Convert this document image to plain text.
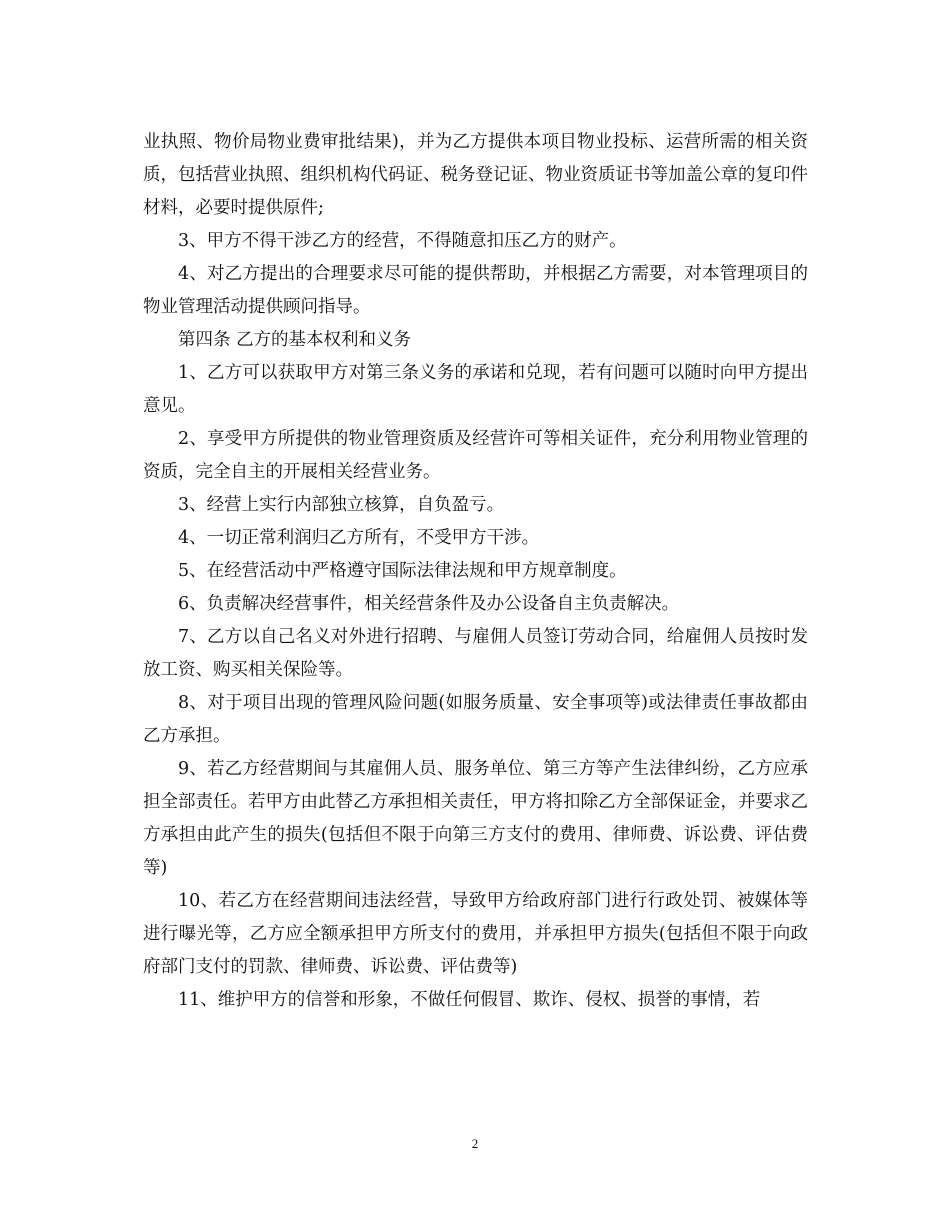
业执照、物价局物业费审批结果)，并为乙方提供本项目物业投标、运营所需的相关资质，包括营业执照、组织机构代码证、税务登记证、物业资质证书等加盖公章的复印件材料，必要时提供原件;

3、甲方不得干涉乙方的经营，不得随意扣压乙方的财产。

4、对乙方提出的合理要求尽可能的提供帮助，并根据乙方需要，对本管理项目的物业管理活动提供顾问指导。

第四条 乙方的基本权利和义务

1、乙方可以获取甲方对第三条义务的承诺和兑现，若有问题可以随时向甲方提出意见。

2、享受甲方所提供的物业管理资质及经营许可等相关证件，充分利用物业管理的资质，完全自主的开展相关经营业务。

3、经营上实行内部独立核算，自负盈亏。

4、一切正常利润归乙方所有，不受甲方干涉。

5、在经营活动中严格遵守国际法律法规和甲方规章制度。

6、负责解决经营事件，相关经营条件及办公设备自主负责解决。

7、乙方以自己名义对外进行招聘、与雇佣人员签订劳动合同，给雇佣人员按时发放工资、购买相关保险等。

8、对于项目出现的管理风险问题(如服务质量、安全事项等)或法律责任事故都由乙方承担。

9、若乙方经营期间与其雇佣人员、服务单位、第三方等产生法律纠纷，乙方应承担全部责任。若甲方由此替乙方承担相关责任，甲方将扣除乙方全部保证金，并要求乙方承担由此产生的损失(包括但不限于向第三方支付的费用、律师费、诉讼费、评估费等)

10、若乙方在经营期间违法经营，导致甲方给政府部门进行行政处罚、被媒体等进行曝光等，乙方应全额承担甲方所支付的费用，并承担甲方损失(包括但不限于向政府部门支付的罚款、律师费、诉讼费、评估费等)

11、维护甲方的信誉和形象，不做任何假冒、欺诈、侵权、损誉的事情，若

2
